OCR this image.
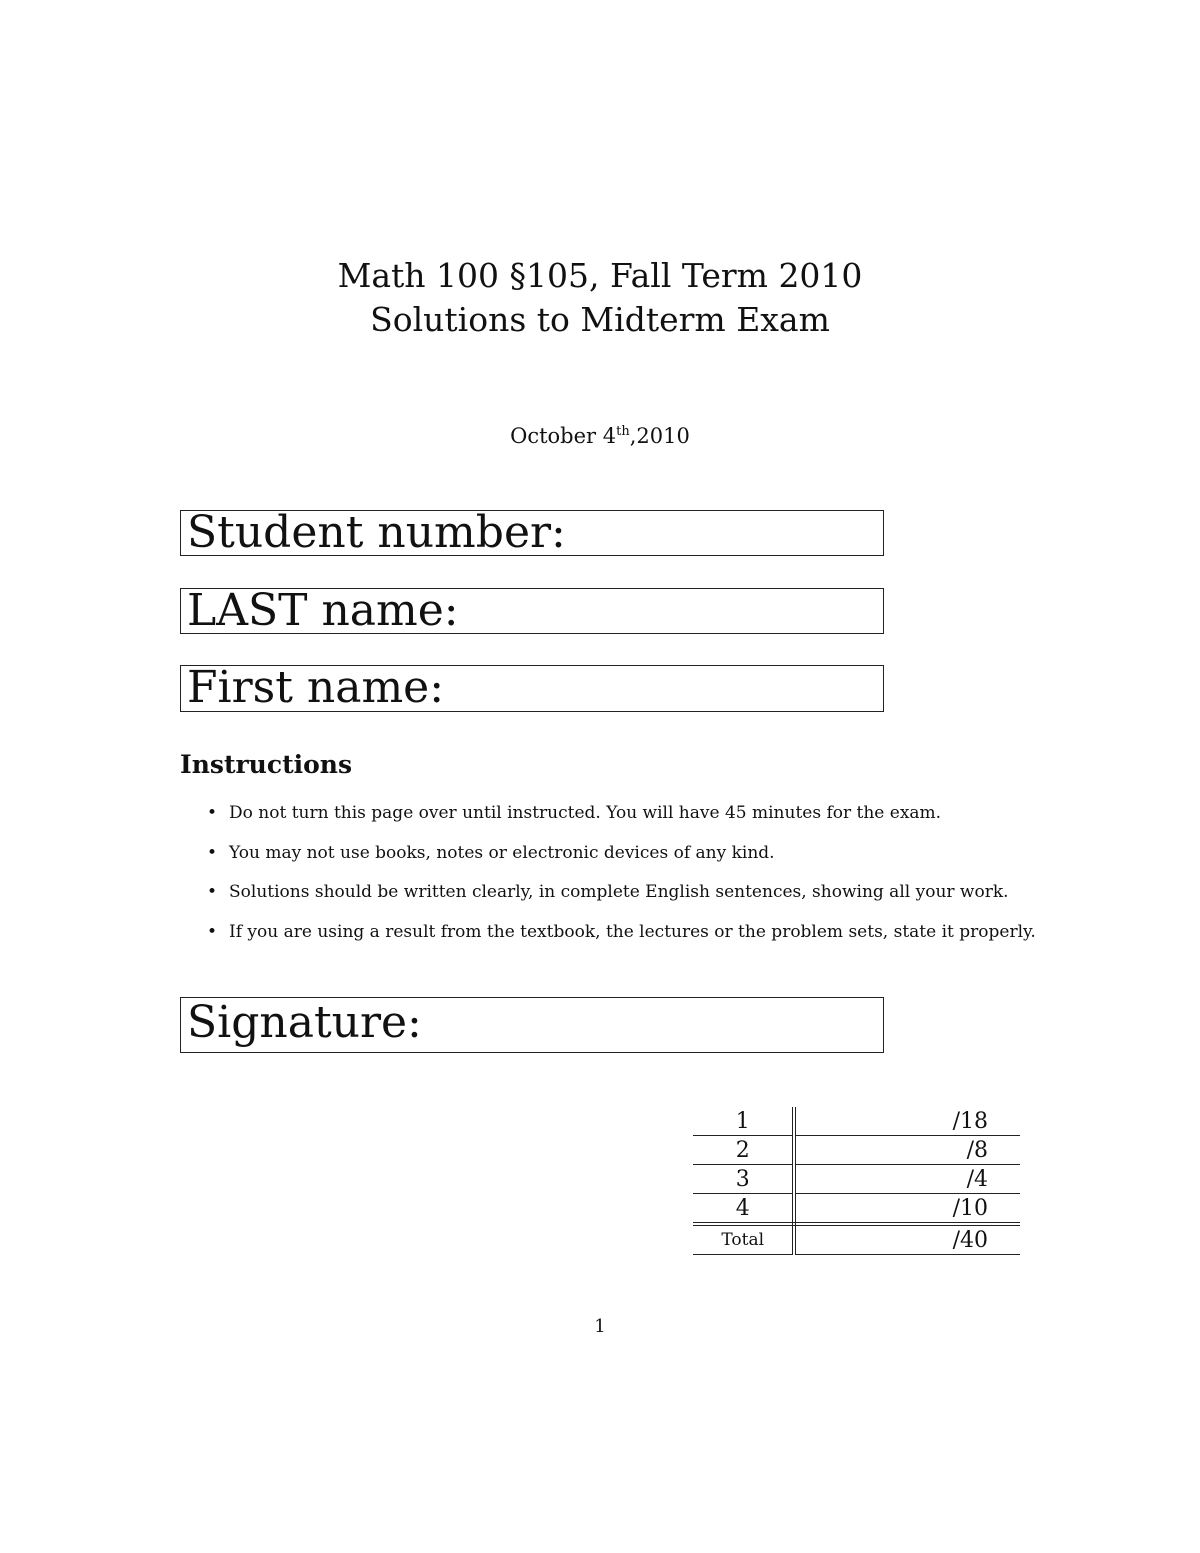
Math 100 §105, Fall Term 2010
Solutions to Midterm Exam
October 4th,2010
Student number:
LAST name:
First name:
Instructions
• Do not turn this page over until instructed. You will have 45 minutes for the exam.
• You may not use books, notes or electronic devices of any kind.
• Solutions should be written clearly, in complete English sentences, showing all your work.
• If you are using a result from the textbook, the lectures or the problem sets, state it properly.
Signature:
1	/18
2	/8
3	/4
4	/10
Total	/40
1
